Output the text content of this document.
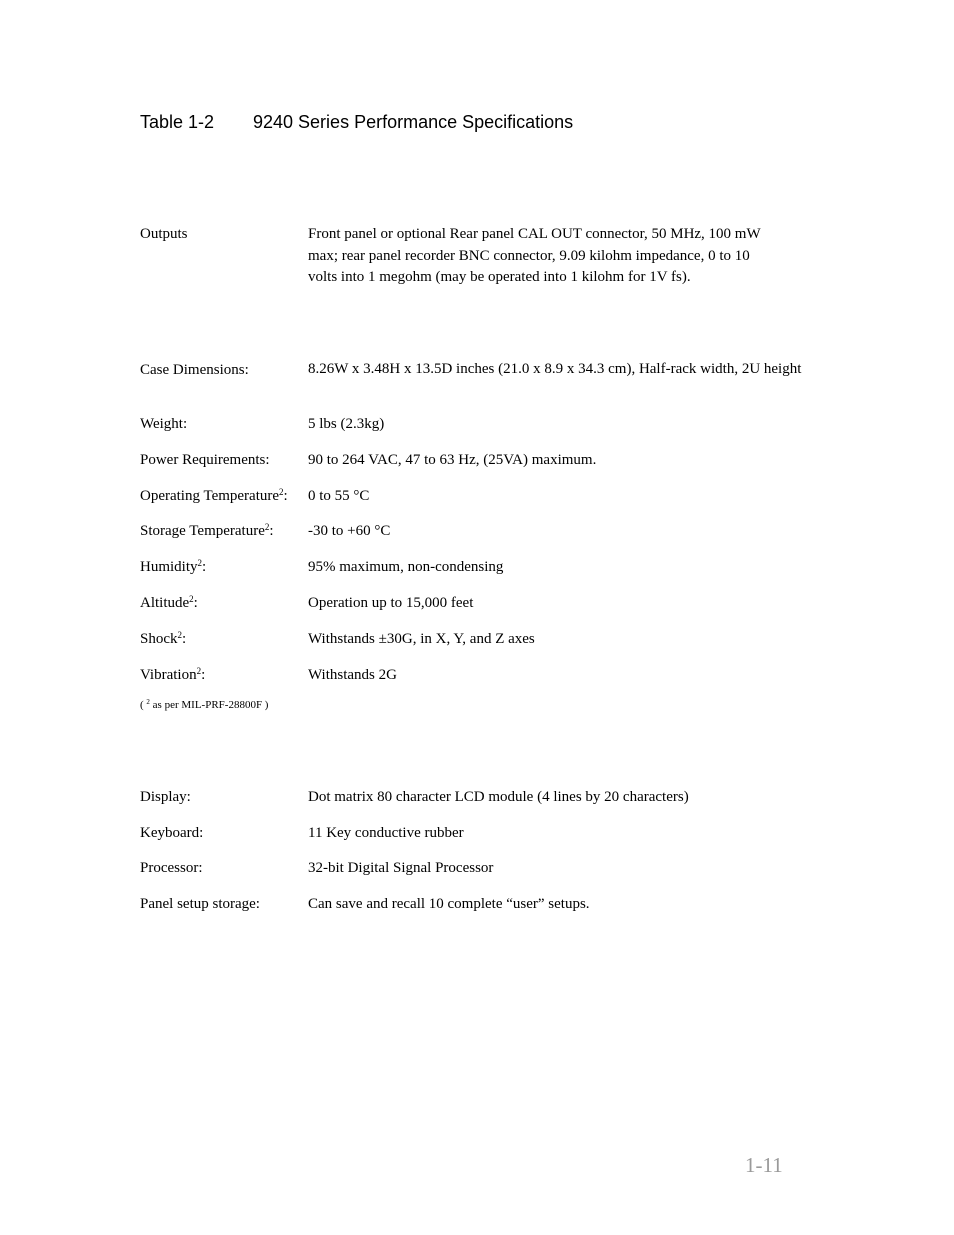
Table 1-2 9240 Series Performance Specifications
Outputs	Front panel or optional Rear panel CAL OUT connector, 50 MHz, 100 mW max; rear panel recorder BNC connector, 9.09 kilohm impedance, 0 to 10 volts into 1 megohm (may be operated into 1 kilohm for 1V fs).
Case Dimensions:	8.26W x 3.48H x 13.5D inches (21.0 x 8.9 x 34.3 cm), Half-rack width, 2U height
Weight:	5 lbs (2.3kg)
Power Requirements:	90 to 264 VAC, 47 to 63 Hz, (25VA) maximum.
Operating Temperature$^2$:	0 to 55 °C
Storage Temperature$^2$:	-30 to +60 °C
Humidity$^2$:	95% maximum, non-condensing
Altitude$^2$:	Operation up to 15,000 feet
Shock$^2$:	Withstands ±30G, in X, Y, and Z axes
Vibration$^2$:	Withstands 2G
( $^2$ as per MIL-PRF-28800F )
Display:	Dot matrix 80 character LCD module (4 lines by 20 characters)
Keyboard:	11 Key conductive rubber
Processor:	32-bit Digital Signal Processor
Panel setup storage:	Can save and recall 10 complete “user” setups.
1-11
